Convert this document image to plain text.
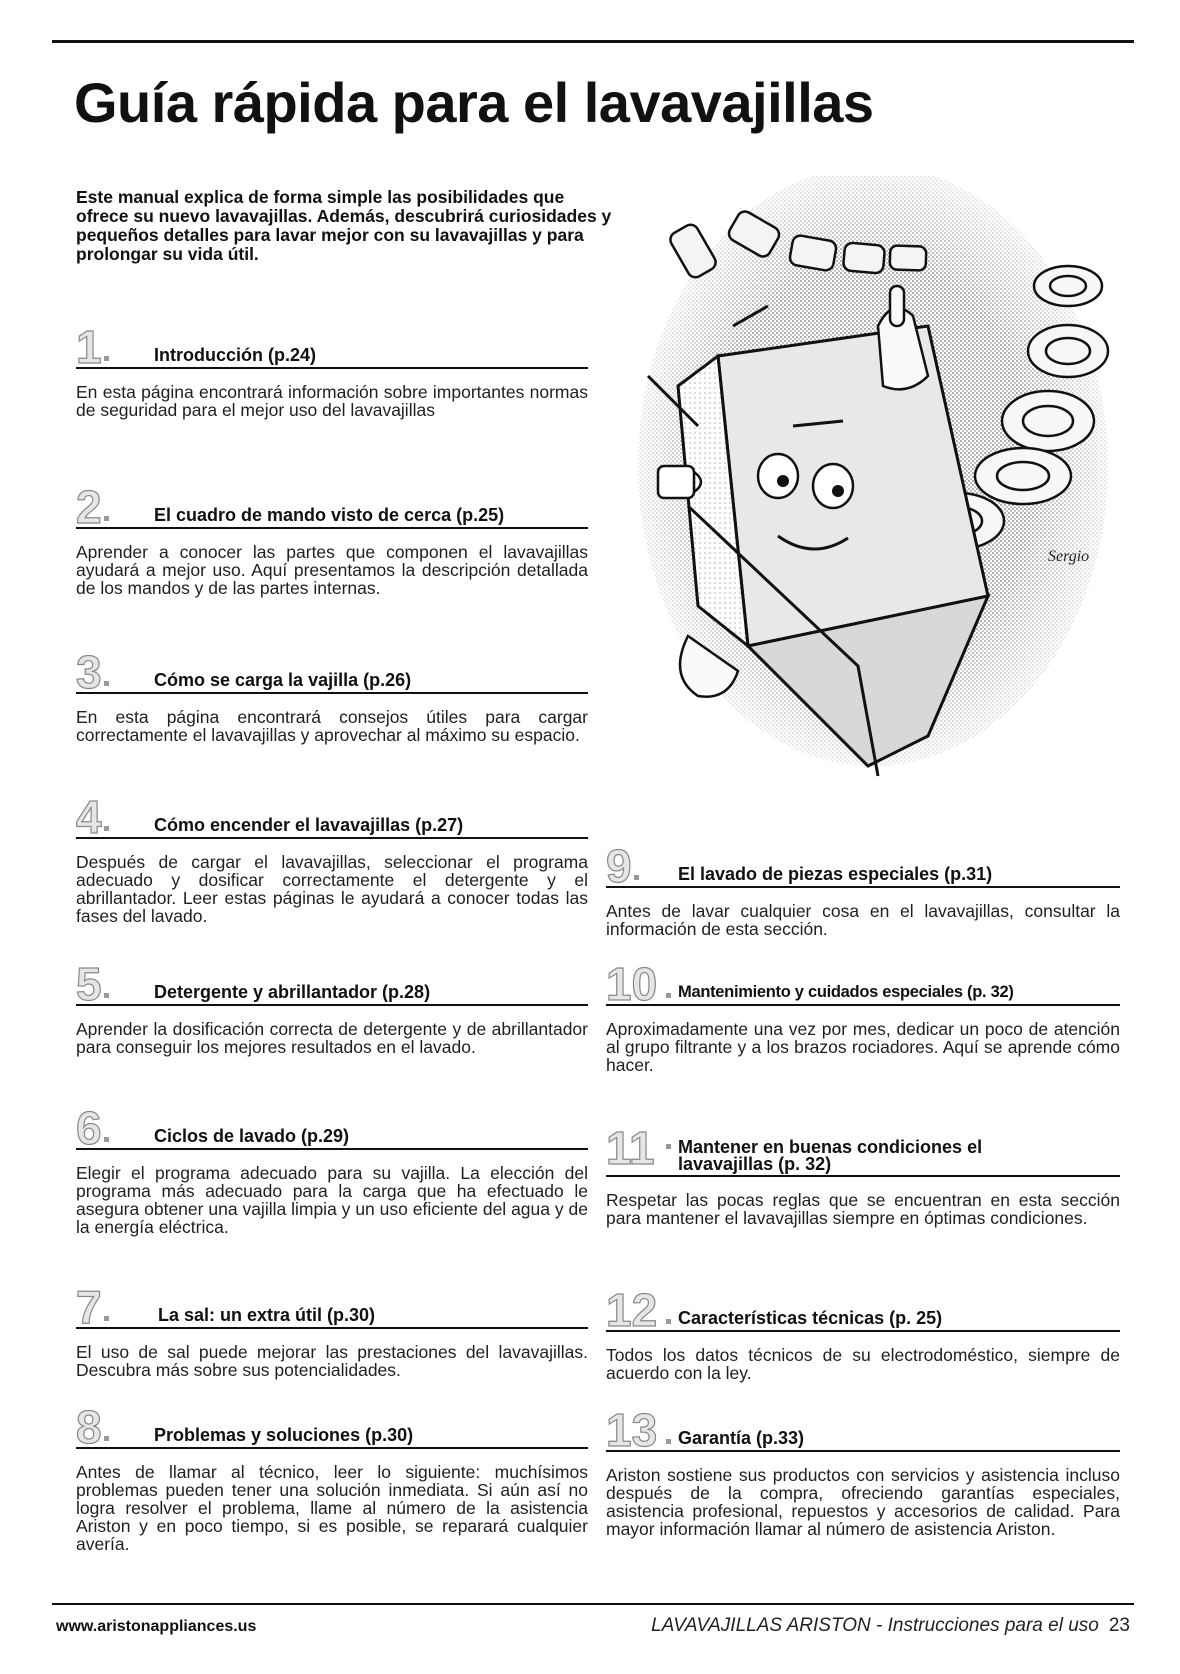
Guía rápida para el lavavajillas

Este manual explica de forma simple las posibilidades que ofrece su nuevo lavavajillas. Además, descubrirá curiosidades y pequeños detalles para lavar mejor con su lavavajillas y para prolongar su vida útil.

Sergio
1	Introducción (p.24)

En esta página encontrará información sobre importantes normas de seguridad para el mejor uso del lavavajillas

2	El cuadro de mando visto de cerca (p.25)

Aprender a conocer las partes que componen el lavavajillas ayudará a mejor uso. Aquí presentamos la descripción detallada de los mandos y de las partes internas.

3	Cómo se carga la vajilla (p.26)

En esta página encontrará consejos útiles para cargar correctamente el lavavajillas y aprovechar al máximo su espacio.

4	Cómo encender el lavavajillas (p.27)

Después de cargar el lavavajillas, seleccionar el programa adecuado y dosificar correctamente el detergente y el abrillantador. Leer estas páginas le ayudará a conocer todas las fases del lavado.

5	Detergente y abrillantador (p.28)

Aprender la dosificación correcta de detergente y de abrillantador para conseguir los mejores resultados en el lavado.

6	Ciclos de lavado (p.29)

Elegir el programa adecuado para su vajilla. La elección del programa más adecuado para la carga que ha efectuado le asegura obtener una vajilla limpia y un uso eficiente del agua y de la energía eléctrica.

7	La sal: un extra útil (p.30)

El uso de sal puede mejorar las prestaciones del lavavajillas. Descubra más sobre sus potencialidades.

8	Problemas y soluciones (p.30)

Antes de llamar al técnico, leer lo siguiente: muchísimos problemas pueden tener una solución inmediata. Si aún así no logra resolver el problema, llame al número de la asistencia Ariston y en poco tiempo, si es posible, se reparará cualquier avería.

9	El lavado de piezas especiales (p.31)

Antes de lavar cualquier cosa en el lavavajillas, consultar la información de esta sección.

10 Mantenimiento y cuidados especiales (p. 32)

Aproximadamente una vez por mes, dedicar un poco de atención al grupo filtrante y a los brazos rociadores. Aquí se aprende cómo hacer.

11 Mantener en buenas condiciones el lavavajillas (p. 32)

Respetar las pocas reglas que se encuentran en esta sección para mantener el lavavajillas siempre en óptimas condiciones.

12 Características técnicas (p. 25)

Todos los datos técnicos de su electrodoméstico, siempre de acuerdo con la ley.

13 Garantía (p.33)

Ariston sostiene sus productos con servicios y asistencia incluso después de la compra, ofreciendo garantías especiales, asistencia profesional, repuestos y accesorios de calidad. Para mayor información llamar al número de asistencia Ariston.

www.aristonappliances.us	LAVAVAJILLAS ARISTON - Instrucciones para el uso 23
